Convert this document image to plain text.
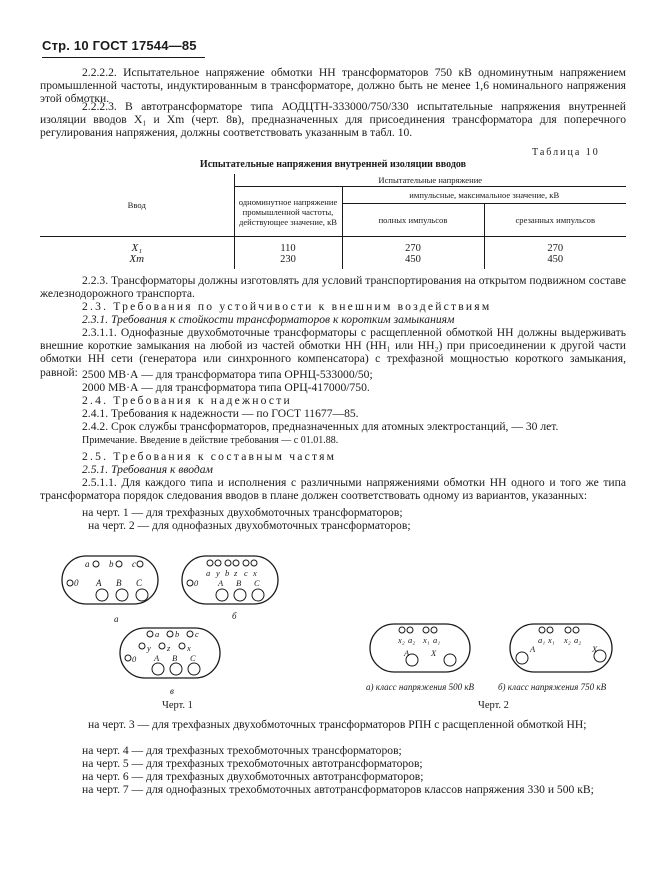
Стр. 10 ГОСТ 17544—85
2.2.2.2. Испытательное напряжение обмотки НН трансформаторов 750 кВ одноминутным напряжением промышленной частоты, индуктированным в трансформаторе, должно быть не менее 1,6 номинального напряжения этой обмотки.
2.2.2.3. В автотрансформаторе типа АОДЦТН-333000/750/330 испытательные напряжения внутренней изоляции вводов X₁ и Xm (черт. 8в), предназначенных для присоединения трансформатора для поперечного регулирования напряжения, должны соответствовать указанным в табл. 10.
Таблица 10
Испытательные напряжения внутренней изоляции вводов
Ввод	Испытательные напряжение		
	одноминутное напряжение промышленной частоты, действующее значение, кВ	импульсные, максимальное значение, кВ	
		полных импульсов	срезанных импульсов
X₁	110	270	270
Xm	230	450	450
2.2.3. Трансформаторы должны изготовлять для условий транспортирования на открытом подвижном составе железнодорожного транспорта.
2.3. Требования по устойчивости к внешним воздействиям
2.3.1. Требования к стойкости трансформаторов к коротким замыканиям
2.3.1.1. Однофазные двухобмоточные трансформаторы с расщепленной обмоткой НН должны выдерживать внешние короткие замыкания на любой из частей обмотки НН (НН₁ или НН₂) при присоединении к другой части обмотки НН сети (генератора или синхронного компенсатора) с трехфазной мощностью короткого замыкания, равной: 2500 МВ·А — для трансформатора типа ОРНЦ-533000/50;
2000 МВ·А — для трансформатора типа ОРЦ-417000/750.
2.4. Требования к надежности
2.4.1. Требования к надежности — по ГОСТ 11677—85.
2.4.2. Срок службы трансформаторов, предназначенных для атомных электростанций, — 30 лет.
Примечание. Введение в действие требования — с 01.01.88.
2.5. Требования к составным частям
2.5.1. Требования к вводам
2.5.1.1. Для каждого типа и исполнения с различными напряжениями обмотки НН одного и того же типа трансформатора порядок следования вводов в плане должен соответствовать одному из вариантов, указанных:
на черт. 1 — для трехфазных двухобмоточных трансформаторов;
на черт. 2 — для однофазных двухобмоточных трансформаторов;
a b c
0 A B C
а
a y b z c x
0 A B C
б
a b c
y z x
0 A B C
в
Черт. 1
x₂ a₂ x₁ a₁
A	X
a₁ x₁ x₂ a₂
A	X
а) класс напряжения 500 кВ	б) класс напряжения 750 кВ
Черт. 2
на черт. 3 — для трехфазных двухобмоточных трансформаторов РПН с расщепленной обмоткой НН;
на черт. 4 — для трехфазных трехобмоточных трансформаторов;
на черт. 5 — для трехфазных трехобмоточных автотрансформаторов;
на черт. 6 — для трехфазных двухобмоточных автотрансформаторов;
на черт. 7 — для однофазных трехобмоточных автотрансформаторов классов напряжения 330 и 500 кВ;
